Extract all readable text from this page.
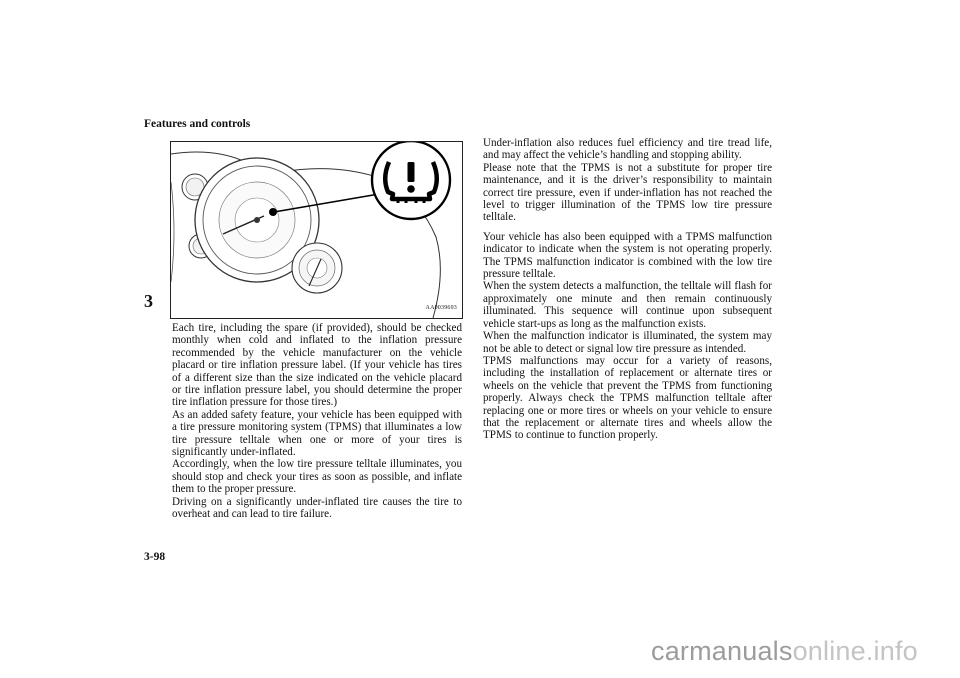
Features and controls
3	AA0039693

Each tire, including the spare (if provided), should be checked monthly when cold and inflated to the inflation pressure recommended by the vehicle manufacturer on the vehicle placard or tire inflation pressure label. (If your vehicle has tires of a different size than the size indicated on the vehicle placard or tire inflation pressure label, you should determine the proper tire inflation pressure for those tires.)

As an added safety feature, your vehicle has been equipped with a tire pressure monitoring system (TPMS) that illuminates a low tire pressure telltale when one or more of your tires is significantly under-inflated.

Accordingly, when the low tire pressure telltale illuminates, you should stop and check your tires as soon as possible, and inflate them to the proper pressure.

Driving on a significantly under-inflated tire causes the tire to overheat and can lead to tire failure.

Under-inflation also reduces fuel efficiency and tire tread life, and may affect the vehicle’s handling and stopping ability.

Please note that the TPMS is not a substitute for proper tire maintenance, and it is the driver’s responsibility to maintain correct tire pressure, even if under-inflation has not reached the level to trigger illumination of the TPMS low tire pressure telltale.

Your vehicle has also been equipped with a TPMS malfunction indicator to indicate when the system is not operating properly. The TPMS malfunction indicator is combined with the low tire pressure telltale.

When the system detects a malfunction, the telltale will flash for approximately one minute and then remain continuously illuminated. This sequence will continue upon subsequent vehicle start-ups as long as the malfunction exists.

When the malfunction indicator is illuminated, the system may not be able to detect or signal low tire pressure as intended.

TPMS malfunctions may occur for a variety of reasons, including the installation of replacement or alternate tires or wheels on the vehicle that prevent the TPMS from functioning properly. Always check the TPMS malfunction telltale after replacing one or more tires or wheels on your vehicle to ensure that the replacement or alternate tires and wheels allow the TPMS to continue to function properly.

3-98
carmanualsonline.info
